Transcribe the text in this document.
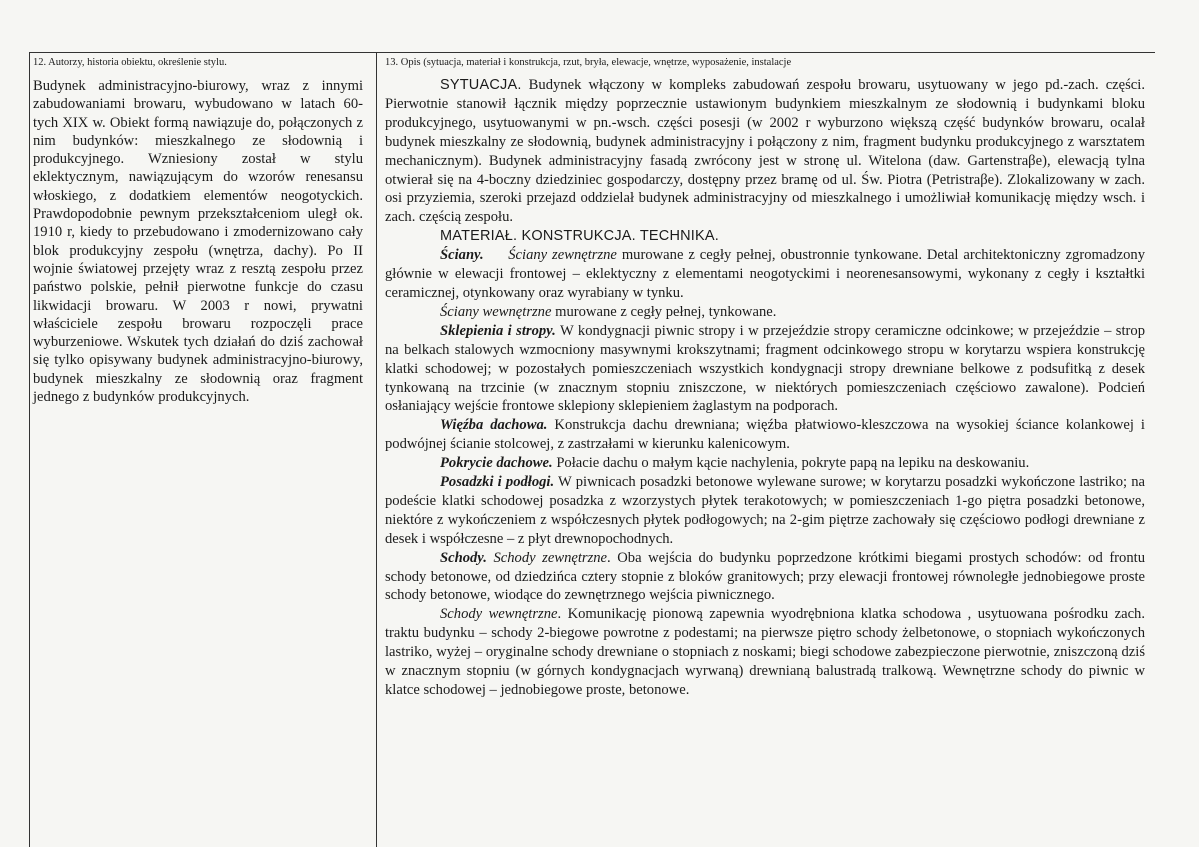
12. Autorzy, historia obiektu, określenie stylu.

Budynek administracyjno-biurowy, wraz z innymi zabudowaniami browaru, wybudowano w latach 60-tych XIX w. Obiekt formą nawiązuje do, połączonych z nim budynków: mieszkalnego ze słodownią i produkcyjnego. Wzniesiony został w stylu eklektycznym, nawiązującym do wzorów renesansu włoskiego, z dodatkiem elementów neogotyckich. Prawdopodobnie pewnym przekształceniom uległ ok. 1910 r, kiedy to przebudowano i zmodernizowano cały blok produkcyjny zespołu (wnętrza, dachy). Po II wojnie światowej przejęty wraz z resztą zespołu przez państwo polskie, pełnił pierwotne funkcje do czasu likwidacji browaru. W 2003 r nowi, prywatni właściciele zespołu browaru rozpoczęli prace wyburzeniowe. Wskutek tych działań do dziś zachował się tylko opisywany budynek administracyjno-biurowy, budynek mieszkalny ze słodownią oraz fragment jednego z budynków produkcyjnych.

13. Opis (sytuacja, materiał i konstrukcja, rzut, bryła, elewacje, wnętrze, wyposażenie, instalacje

SYTUACJA. Budynek włączony w kompleks zabudowań zespołu browaru, usytuowany w jego pd.-zach. części. Pierwotnie stanowił łącznik między poprzecznie ustawionym budynkiem mieszkalnym ze słodownią i budynkami bloku produkcyjnego, usytuowanymi w pn.-wsch. części posesji (w 2002 r wyburzono większą część budynków browaru, ocalał budynek mieszkalny ze słodownią, budynek administracyjny i połączony z nim, fragment budynku produkcyjnego z warsztatem mechanicznym). Budynek administracyjny fasadą zwrócony jest w stronę ul. Witelona (daw. Gartenstraβe), elewacją tylna otwierał się na 4-boczny dziedziniec gospodarczy, dostępny przez bramę od ul. Św. Piotra (Petristraβe). Zlokalizowany w zach. osi przyziemia, szeroki przejazd oddzielał budynek administracyjny od mieszkalnego i umożliwiał komunikację między wsch. i zach. częścią zespołu.

MATERIAŁ. KONSTRUKCJA. TECHNIKA.

Ściany. Ściany zewnętrzne murowane z cegły pełnej, obustronnie tynkowane. Detal architektoniczny zgromadzony głównie w elewacji frontowej – eklektyczny z elementami neogotyckimi i neorenesansowymi, wykonany z cegły i kształtki ceramicznej, otynkowany oraz wyrabiany w tynku.

Ściany wewnętrzne murowane z cegły pełnej, tynkowane.

Sklepienia i stropy. W kondygnacji piwnic stropy i w przejeździe stropy ceramiczne odcinkowe; w przejeździe – strop na belkach stalowych wzmocniony masywnymi krokszytnami; fragment odcinkowego stropu w korytarzu wspiera konstrukcję klatki schodowej; w pozostałych pomieszczeniach wszystkich kondygnacji stropy drewniane belkowe z podsufitką z desek tynkowaną na trzcinie (w znacznym stopniu zniszczone, w niektórych pomieszczeniach częściowo zawalone). Podcień osłaniający wejście frontowe sklepiony sklepieniem żaglastym na podporach.

Więźba dachowa. Konstrukcja dachu drewniana; więźba płatwiowo-kleszczowa na wysokiej ściance kolankowej i podwójnej ścianie stolcowej, z zastrzałami w kierunku kalenicowym.

Pokrycie dachowe. Połacie dachu o małym kącie nachylenia, pokryte papą na lepiku na deskowaniu.

Posadzki i podłogi. W piwnicach posadzki betonowe wylewane surowe; w korytarzu posadzki wykończone lastriko; na podeście klatki schodowej posadzka z wzorzystych płytek terakotowych; w pomieszczeniach 1-go piętra posadzki betonowe, niektóre z wykończeniem z współczesnych płytek podłogowych; na 2-gim piętrze zachowały się częściowo podłogi drewniane z desek i współczesne – z płyt drewnopochodnych.

Schody. Schody zewnętrzne. Oba wejścia do budynku poprzedzone krótkimi biegami prostych schodów: od frontu schody betonowe, od dziedzińca cztery stopnie z bloków granitowych; przy elewacji frontowej równoległe jednobiegowe proste schody betonowe, wiodące do zewnętrznego wejścia piwnicznego.

Schody wewnętrzne. Komunikację pionową zapewnia wyodrębniona klatka schodowa , usytuowana pośrodku zach. traktu budynku – schody 2-biegowe powrotne z podestami; na pierwsze piętro schody żelbetonowe, o stopniach wykończonych lastriko, wyżej – oryginalne schody drewniane o stopniach z noskami; biegi schodowe zabezpieczone pierwotnie, zniszczoną dziś w znacznym stopniu (w górnych kondygnacjach wyrwaną) drewnianą balustradą tralkową. Wewnętrzne schody do piwnic w klatce schodowej – jednobiegowe proste, betonowe.
